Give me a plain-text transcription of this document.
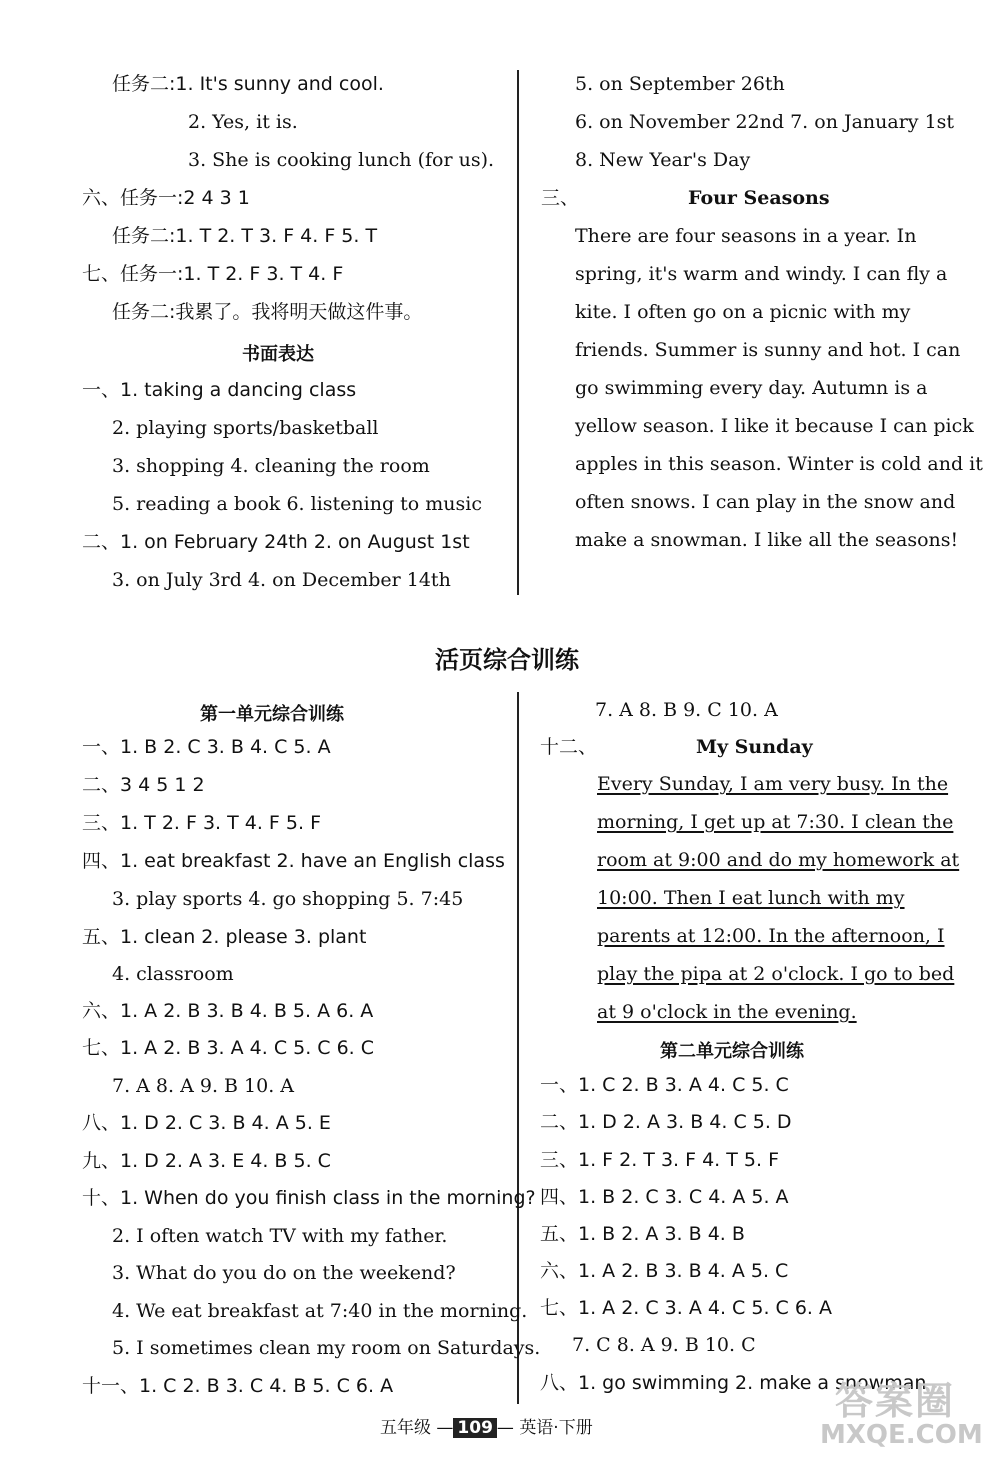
任务二:1. It's sunny and cool.
2. Yes, it is.
3. She is cooking lunch (for us).
六、任务一:2 4 3 1
任务二:1. T 2. T 3. F 4. F 5. T
七、任务一:1. T 2. F 3. T 4. F
任务二:我累了。我将明天做这件事。
一、1. taking a dancing class
2. playing sports/basketball
3. shopping 4. cleaning the room
5. reading a book 6. listening to music
二、1. on February 24th 2. on August 1st
3. on July 3rd 4. on December 14th
书面表达
5. on September 26th
6. on November 22nd 7. on January 1st
8. New Year's Day
三、	Four Seasons
There are four seasons in a year. In
spring, it's warm and windy. I can fly a
kite. I often go on a picnic with my
friends. Summer is sunny and hot. I can
go swimming every day. Autumn is a
yellow season. I like it because I can pick
apples in this season. Winter is cold and it
often snows. I can play in the snow and
make a snowman. I like all the seasons!
活页综合训练
第一单元综合训练
一、1. B 2. C 3. B 4. C 5. A
二、3 4 5 1 2
三、1. T 2. F 3. T 4. F 5. F
四、1. eat breakfast 2. have an English class
3. play sports 4. go shopping 5. 7:45
五、1. clean 2. please 3. plant
4. classroom
六、1. A 2. B 3. B 4. B 5. A 6. A
七、1. A 2. B 3. A 4. C 5. C 6. C
7. A 8. A 9. B 10. A
八、1. D 2. C 3. B 4. A 5. E
九、1. D 2. A 3. E 4. B 5. C
十、1. When do you finish class in the morning?
2. I often watch TV with my father.
3. What do you do on the weekend?
4. We eat breakfast at 7:40 in the morning.
5. I sometimes clean my room on Saturdays.
十一、1. C 2. B 3. C 4. B 5. C 6. A
7. A 8. B 9. C 10. A
十二、	My Sunday
Every Sunday, I am very busy. In the
morning, I get up at 7:30. I clean the
room at 9:00 and do my homework at
10:00. Then I eat lunch with my
parents at 12:00. In the afternoon, I
play the pipa at 2 o'clock. I go to bed
at 9 o'clock in the evening.
第二单元综合训练
一、1. C 2. B 3. A 4. C 5. C
二、1. D 2. A 3. B 4. C 5. D
三、1. F 2. T 3. F 4. T 5. F
四、1. B 2. C 3. C 4. A 5. A
五、1. B 2. A 3. B 4. B
六、1. A 2. B 3. B 4. A 5. C
七、1. A 2. C 3. A 4. C 5. C 6. A
7. C 8. A 9. B 10. C
八、1. go swimming 2. make a snowman
五年级 — 109 — 英语·下册
答案圈
MXQE.COM
